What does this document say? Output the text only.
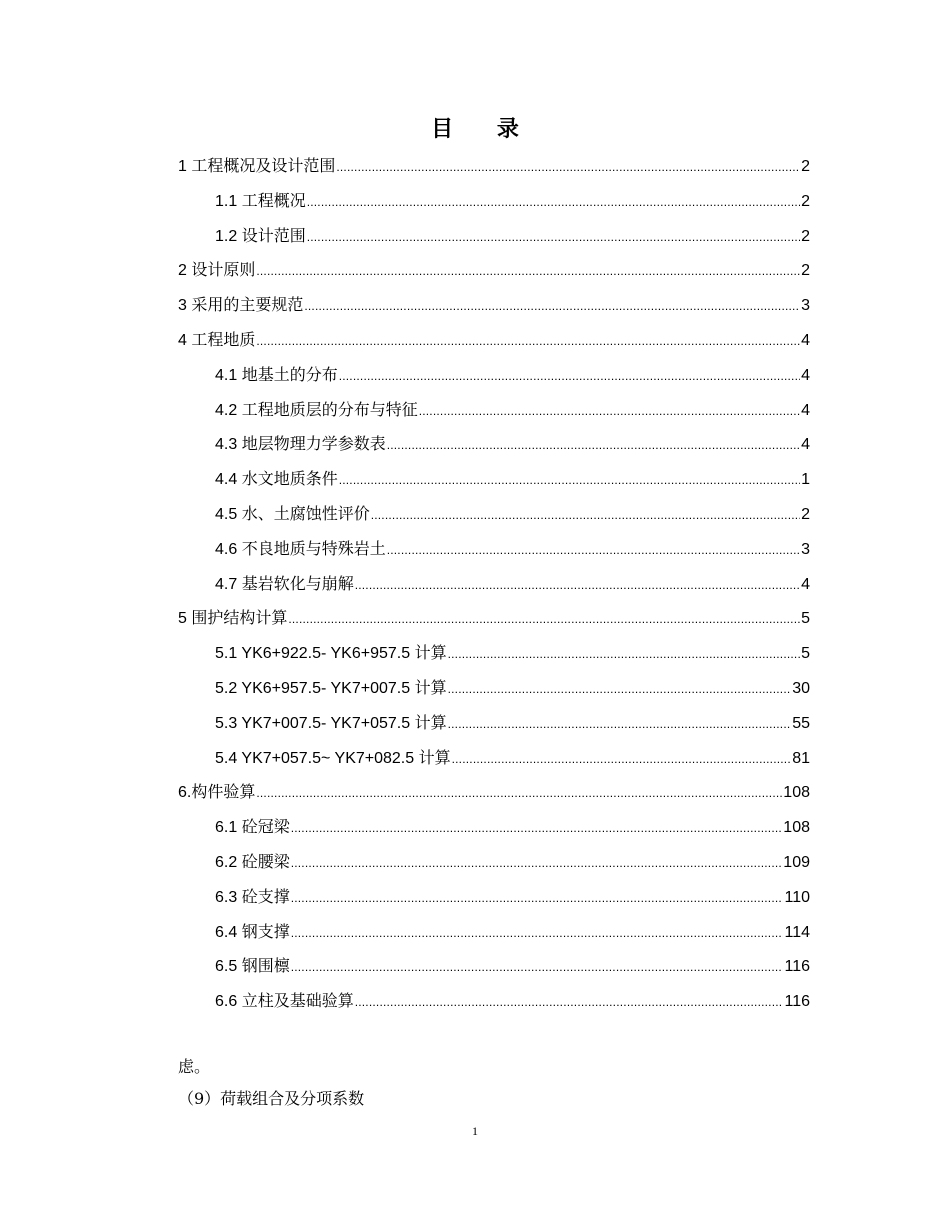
目 录
1 工程概况及设计范围 .....	2
1.1 工程概况 .....	2
1.2 设计范围 .....	2
2 设计原则 .....	2
3 采用的主要规范 .....	3
4 工程地质 .....	4
4.1 地基土的分布 .....	4
4.2 工程地质层的分布与特征 .....	4
4.3 地层物理力学参数表 .....	4
4.4 水文地质条件 .....	1
4.5 水、土腐蚀性评价 .....	2
4.6 不良地质与特殊岩土 .....	3
4.7 基岩软化与崩解 .....	4
5 围护结构计算 .....	5
5.1 YK6+922.5- YK6+957.5 计算 .....	5
5.2 YK6+957.5- YK7+007.5 计算 .....	30
5.3 YK7+007.5- YK7+057.5 计算 .....	55
5.4 YK7+057.5~ YK7+082.5 计算 .....	81
6.构件验算 .....	108
6.1 砼冠梁 .....	108
6.2 砼腰梁 .....	109
6.3 砼支撑 .....	110
6.4 钢支撑 .....	114
6.5 钢围檩 .....	116
6.6 立柱及基础验算 .....	116
虑。
（9）荷载组合及分项系数
1
